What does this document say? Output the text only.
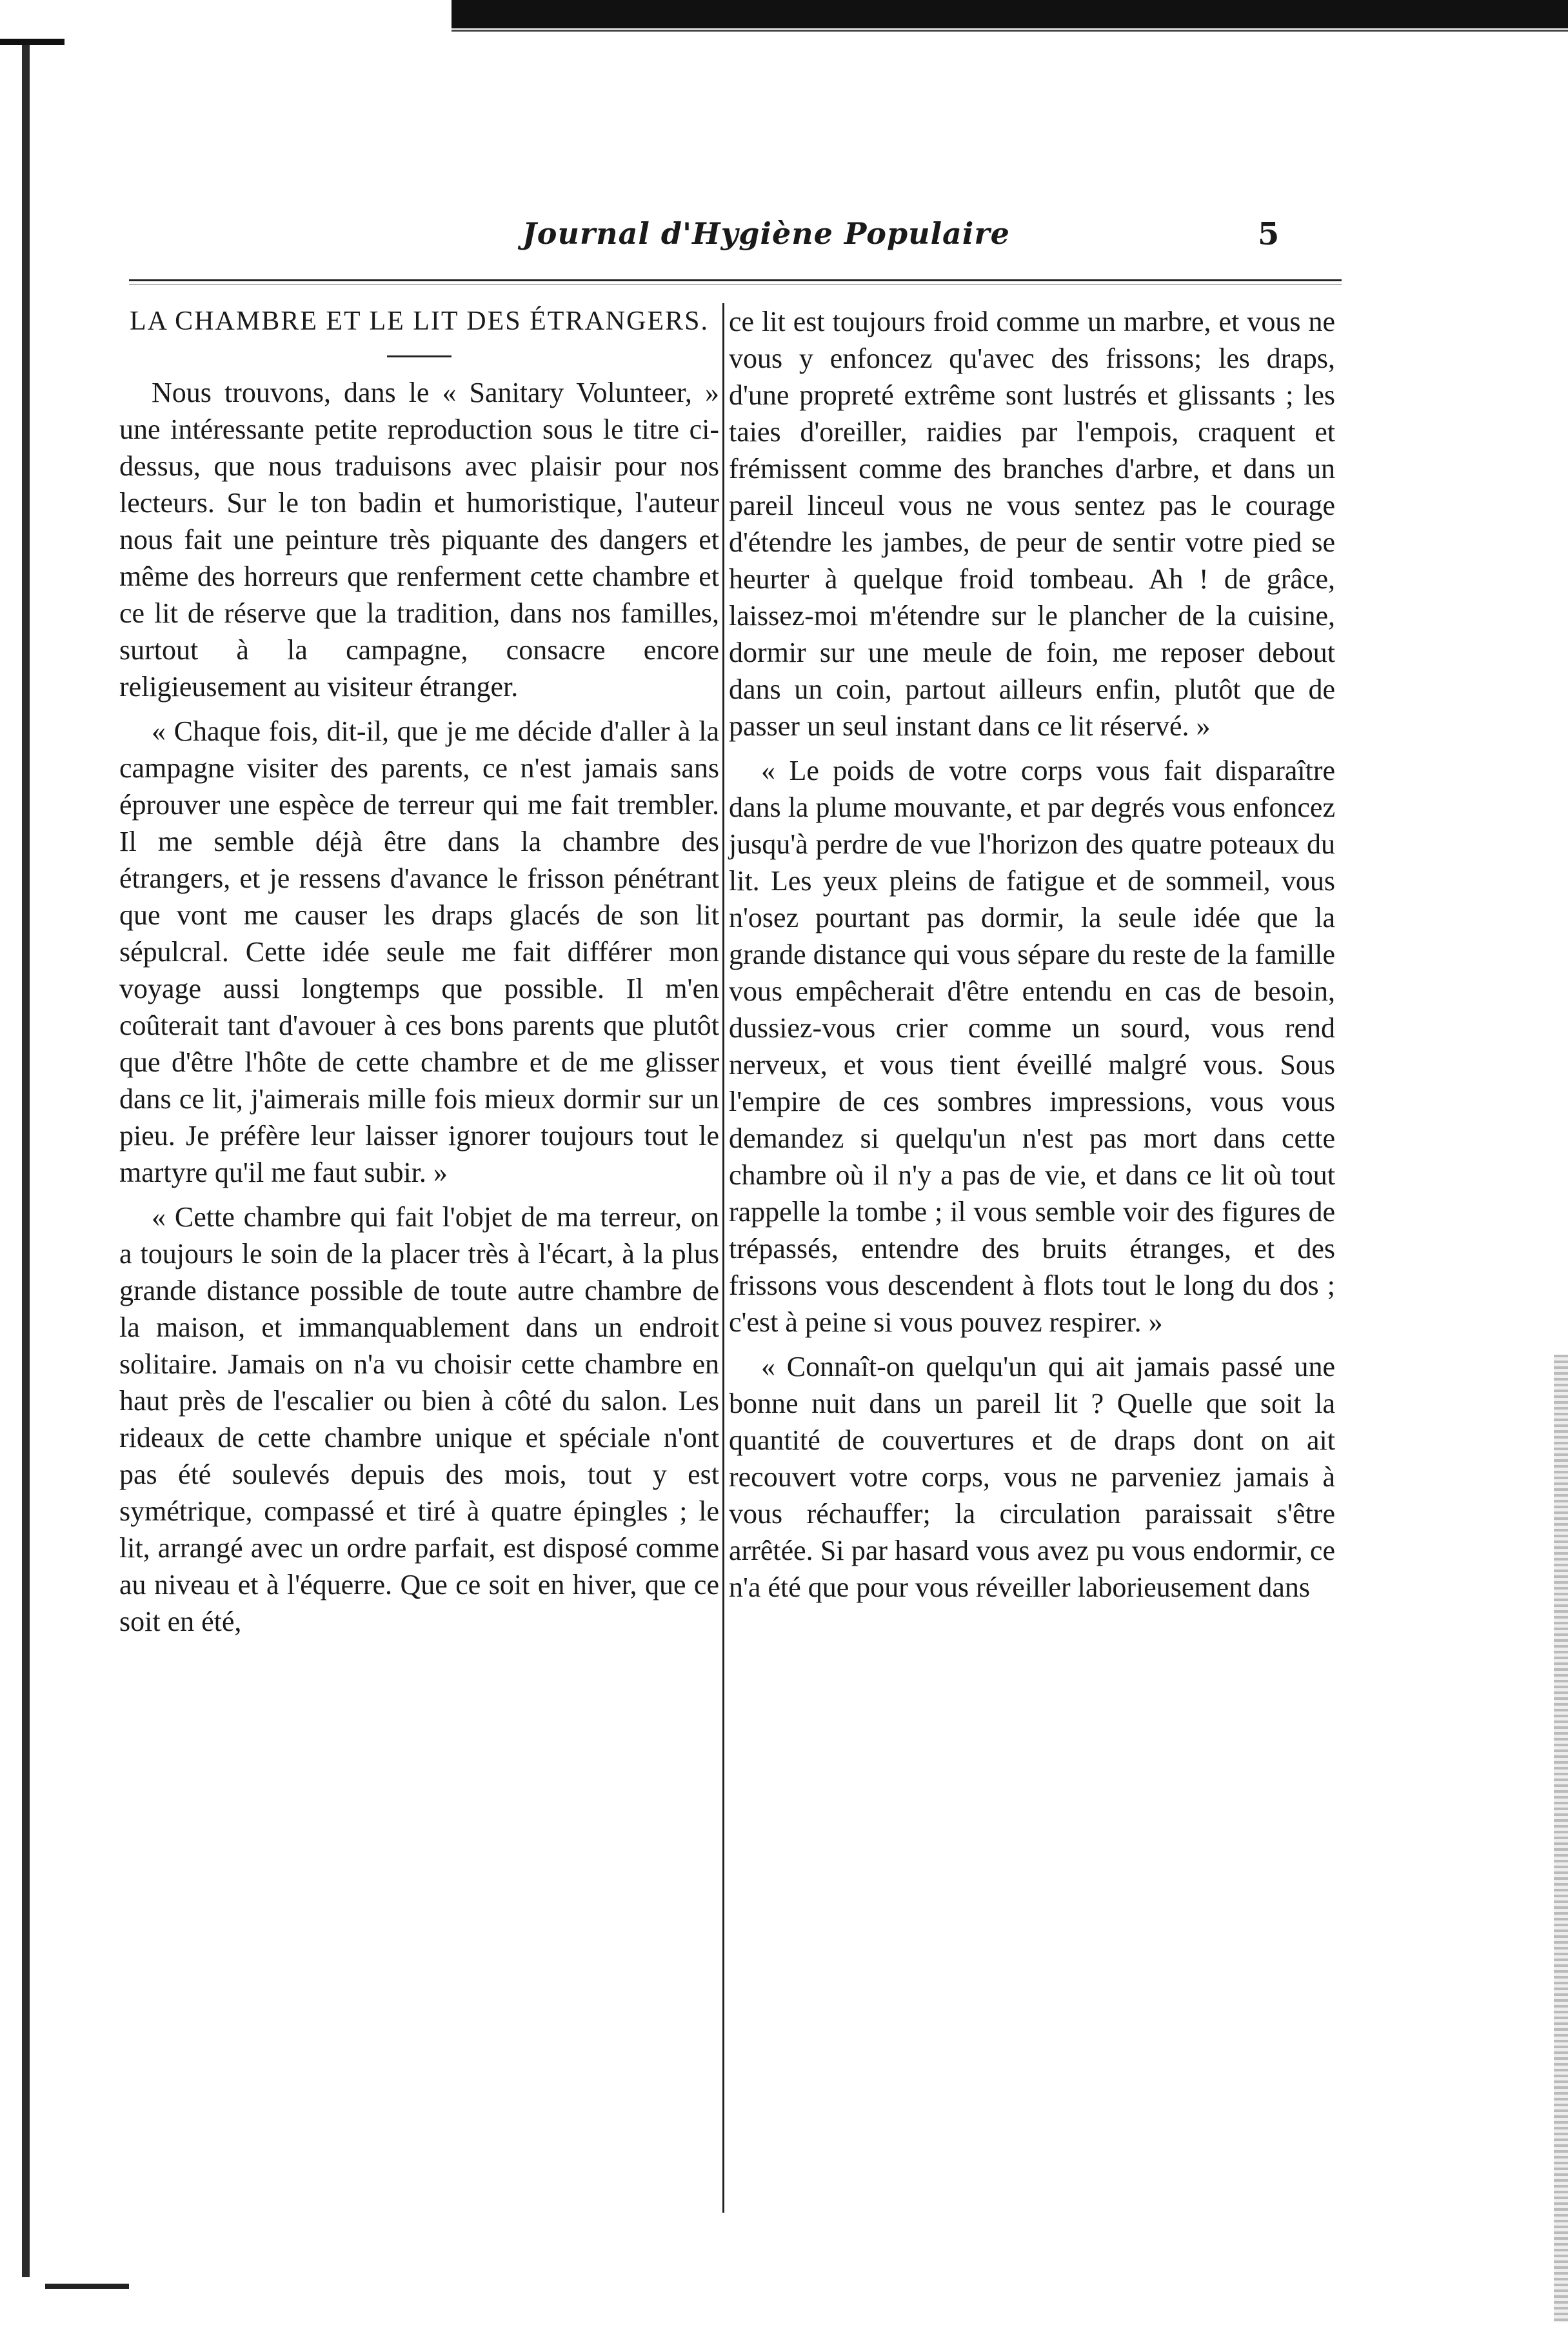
Journal d'Hygiène Populaire	5
LA CHAMBRE ET LE LIT DES ÉTRANGERS.

Nous trouvons, dans le « Sanitary Volunteer, » une intéressante petite reproduction sous le titre ci-dessus, que nous traduisons avec plaisir pour nos lecteurs. Sur le ton badin et humoristique, l'auteur nous fait une peinture très piquante des dangers et même des horreurs que renferment cette chambre et ce lit de réserve que la tradition, dans nos familles, surtout à la campagne, consacre encore religieusement au visiteur étranger.

« Chaque fois, dit-il, que je me décide d'aller à la campagne visiter des parents, ce n'est jamais sans éprouver une espèce de terreur qui me fait trembler. Il me semble déjà être dans la chambre des étrangers, et je ressens d'avance le frisson pénétrant que vont me causer les draps glacés de son lit sépulcral. Cette idée seule me fait différer mon voyage aussi longtemps que possible. Il m'en coûterait tant d'avouer à ces bons parents que plutôt que d'être l'hôte de cette chambre et de me glisser dans ce lit, j'aimerais mille fois mieux dormir sur un pieu. Je préfère leur laisser ignorer toujours tout le martyre qu'il me faut subir. »

« Cette chambre qui fait l'objet de ma terreur, on a toujours le soin de la placer très à l'écart, à la plus grande distance possible de toute autre chambre de la maison, et immanquablement dans un endroit solitaire. Jamais on n'a vu choisir cette chambre en haut près de l'escalier ou bien à côté du salon. Les rideaux de cette chambre unique et spéciale n'ont pas été soulevés depuis des mois, tout y est symétrique, compassé et tiré à quatre épingles ; le lit, arrangé avec un ordre parfait, est disposé comme au niveau et à l'équerre. Que ce soit en hiver, que ce soit en été,

ce lit est toujours froid comme un marbre, et vous ne vous y enfoncez qu'avec des frissons; les draps, d'une propreté extrême sont lustrés et glissants ; les taies d'oreiller, raidies par l'empois, craquent et frémissent comme des branches d'arbre, et dans un pareil linceul vous ne vous sentez pas le courage d'étendre les jambes, de peur de sentir votre pied se heurter à quelque froid tombeau. Ah ! de grâce, laissez-moi m'étendre sur le plancher de la cuisine, dormir sur une meule de foin, me reposer debout dans un coin, partout ailleurs enfin, plutôt que de passer un seul instant dans ce lit réservé. »

« Le poids de votre corps vous fait disparaître dans la plume mouvante, et par degrés vous enfoncez jusqu'à perdre de vue l'horizon des quatre poteaux du lit. Les yeux pleins de fatigue et de sommeil, vous n'osez pourtant pas dormir, la seule idée que la grande distance qui vous sépare du reste de la famille vous empêcherait d'être entendu en cas de besoin, dussiez-vous crier comme un sourd, vous rend nerveux, et vous tient éveillé malgré vous. Sous l'empire de ces sombres impressions, vous vous demandez si quelqu'un n'est pas mort dans cette chambre où il n'y a pas de vie, et dans ce lit où tout rappelle la tombe ; il vous semble voir des figures de trépassés, entendre des bruits étranges, et des frissons vous descendent à flots tout le long du dos ; c'est à peine si vous pouvez respirer. »

« Connaît-on quelqu'un qui ait jamais passé une bonne nuit dans un pareil lit ? Quelle que soit la quantité de couvertures et de draps dont on ait recouvert votre corps, vous ne parveniez jamais à vous réchauffer; la circulation paraissait s'être arrêtée. Si par hasard vous avez pu vous endormir, ce n'a été que pour vous réveiller laborieusement dans
